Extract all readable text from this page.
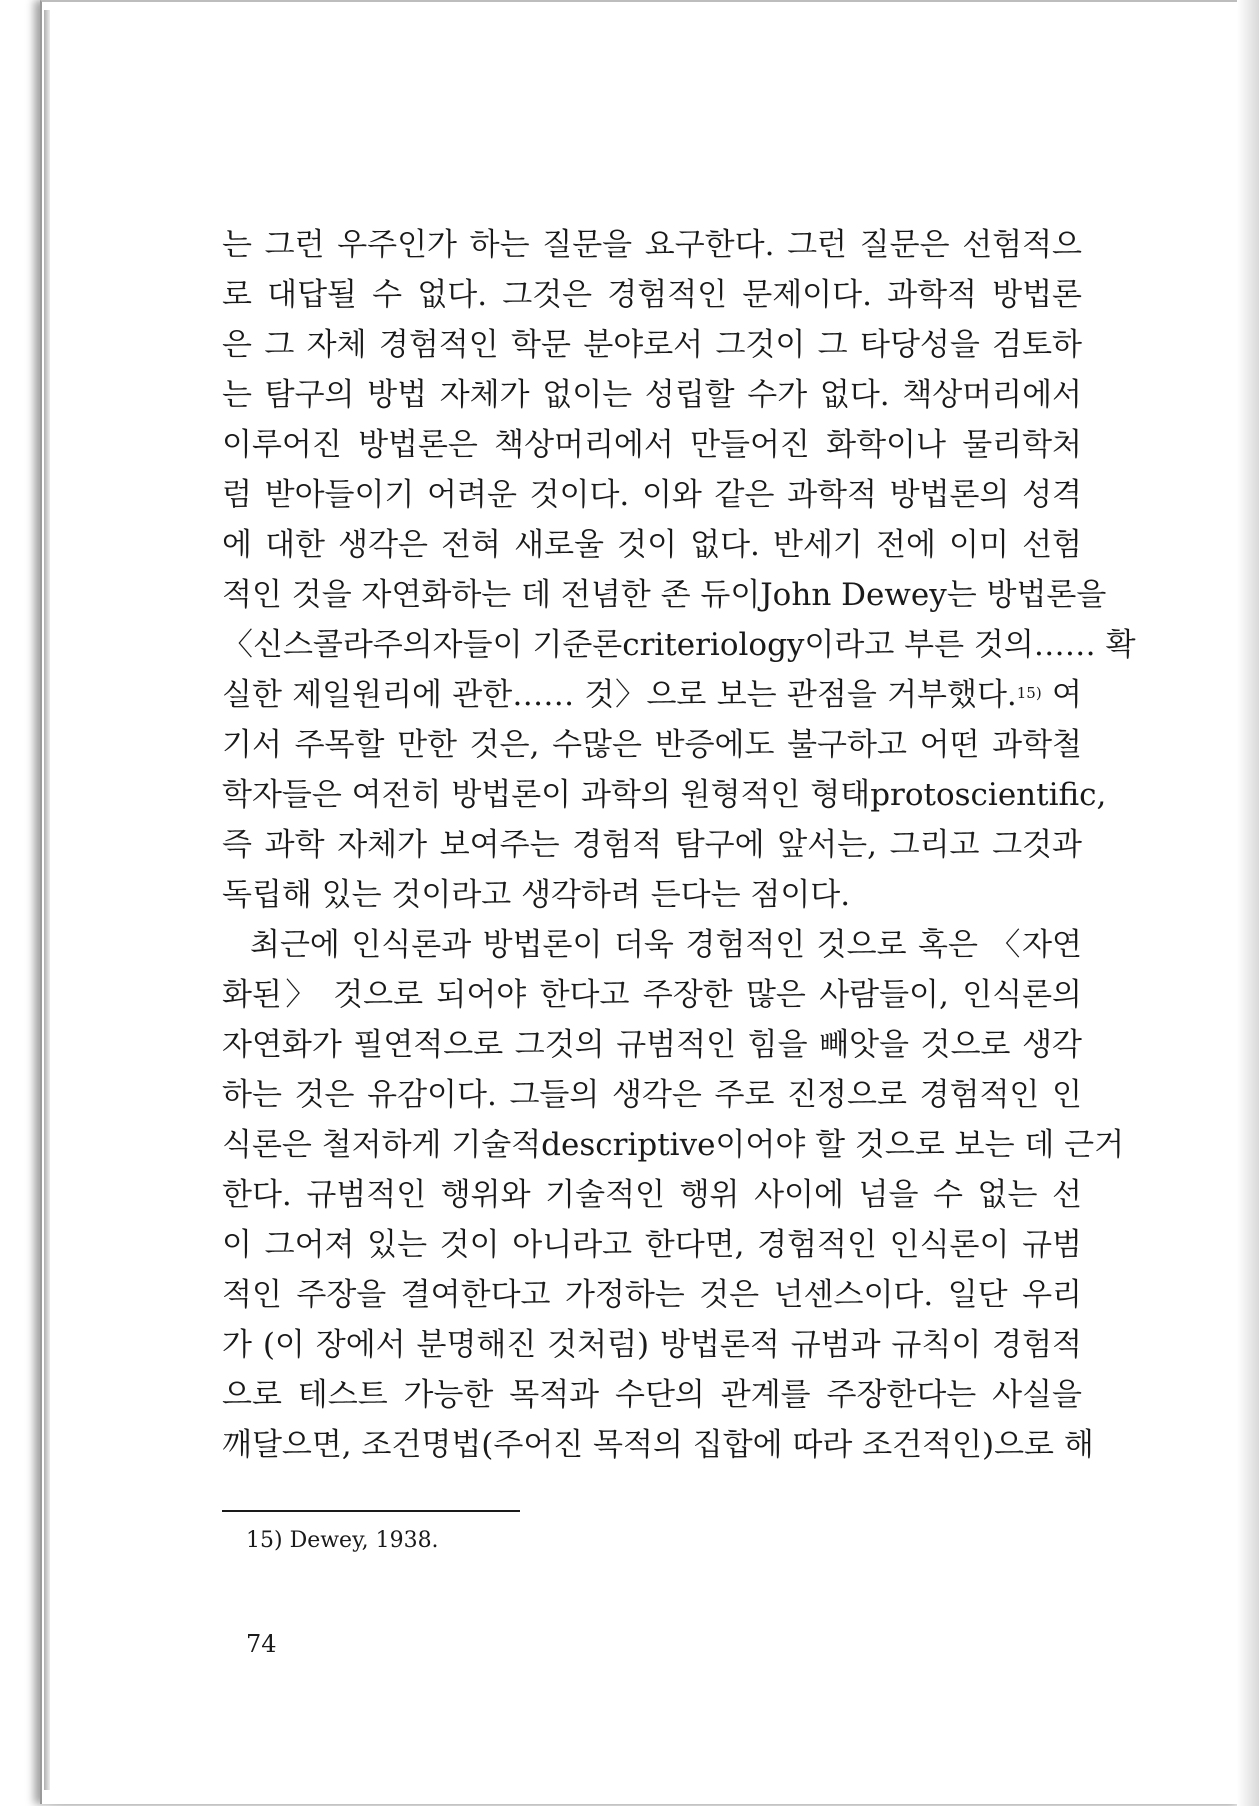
는 그런 우주인가 하는 질문을 요구한다. 그런 질문은 선험적으
로 대답될 수 없다. 그것은 경험적인 문제이다. 과학적 방법론
은 그 자체 경험적인 학문 분야로서 그것이 그 타당성을 검토하
는 탐구의 방법 자체가 없이는 성립할 수가 없다. 책상머리에서
이루어진 방법론은 책상머리에서 만들어진 화학이나 물리학처
럼 받아들이기 어려운 것이다. 이와 같은 과학적 방법론의 성격
에 대한 생각은 전혀 새로울 것이 없다. 반세기 전에 이미 선험
적인 것을 자연화하는 데 전념한 존 듀이John Dewey는 방법론을
〈신스콜라주의자들이 기준론criteriology이라고 부른 것의…… 확
실한 제일원리에 관한…… 것〉으로 보는 관점을 거부했다.$^{15)}$ 여
기서 주목할 만한 것은, 수많은 반증에도 불구하고 어떤 과학철
학자들은 여전히 방법론이 과학의 원형적인 형태protoscientific,
즉 과학 자체가 보여주는 경험적 탐구에 앞서는, 그리고 그것과
독립해 있는 것이라고 생각하려 든다는 점이다.
최근에 인식론과 방법론이 더욱 경험적인 것으로 혹은 〈자연
화된〉 것으로 되어야 한다고 주장한 많은 사람들이, 인식론의
자연화가 필연적으로 그것의 규범적인 힘을 빼앗을 것으로 생각
하는 것은 유감이다. 그들의 생각은 주로 진정으로 경험적인 인
식론은 철저하게 기술적descriptive이어야 할 것으로 보는 데 근거
한다. 규범적인 행위와 기술적인 행위 사이에 넘을 수 없는 선
이 그어져 있는 것이 아니라고 한다면, 경험적인 인식론이 규범
적인 주장을 결여한다고 가정하는 것은 넌센스이다. 일단 우리
가 (이 장에서 분명해진 것처럼) 방법론적 규범과 규칙이 경험적
으로 테스트 가능한 목적과 수단의 관계를 주장한다는 사실을
깨달으면, 조건명법(주어진 목적의 집합에 따라 조건적인)으로 해
15) Dewey, 1938.
74
